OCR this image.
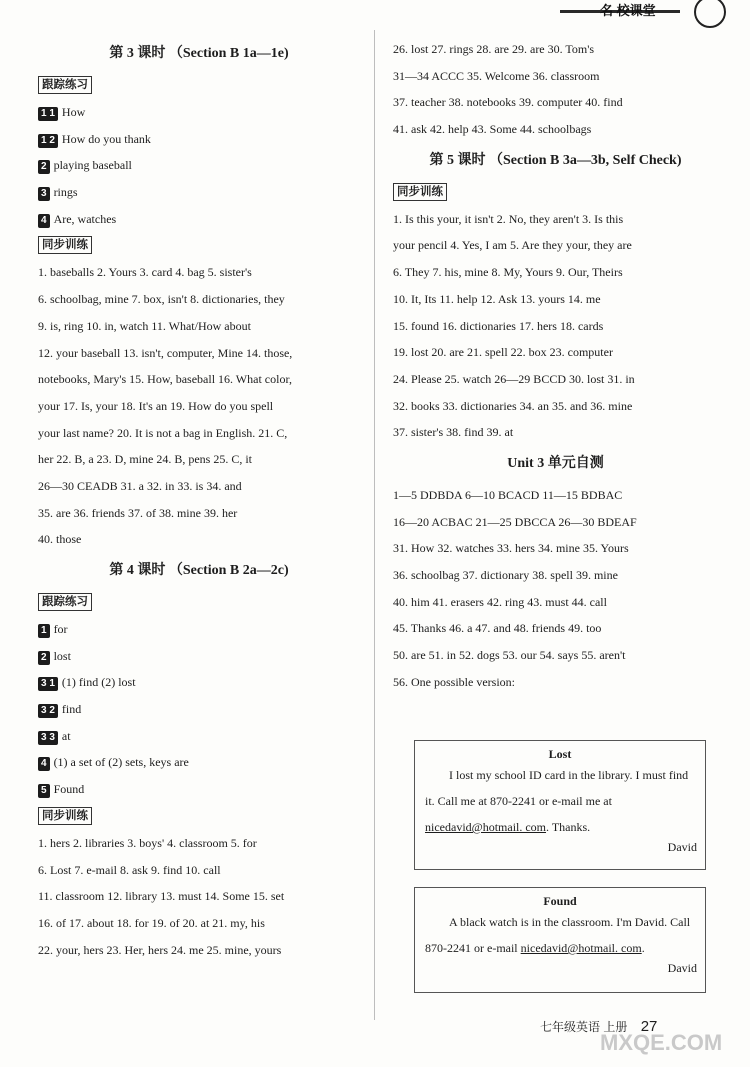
名 校课堂
第 3 课时 （Section B 1a—1e)
跟踪练习
1 1 How
1 2 How do you thank
2 playing baseball
3 rings
4 Are, watches
同步训练
1. baseballs 2. Yours 3. card 4. bag 5. sister's
6. schoolbag, mine 7. box, isn't 8. dictionaries, they
9. is, ring 10. in, watch 11. What/How about
12. your baseball 13. isn't, computer, Mine 14. those,
notebooks, Mary's 15. How, baseball 16. What color,
your 17. Is, your 18. It's an 19. How do you spell
your last name? 20. It is not a bag in English. 21. C,
her 22. B, a 23. D, mine 24. B, pens 25. C, it
26—30 CEADB 31. a 32. in 33. is 34. and
35. are 36. friends 37. of 38. mine 39. her
40. those
第 4 课时 （Section B 2a—2c)
跟踪练习
1 for
2 lost
3 1 (1) find (2) lost
3 2 find
3 3 at
4 (1) a set of (2) sets, keys are
5 Found
同步训练
1. hers 2. libraries 3. boys' 4. classroom 5. for
6. Lost 7. e-mail 8. ask 9. find 10. call
11. classroom 12. library 13. must 14. Some 15. set
16. of 17. about 18. for 19. of 20. at 21. my, his
22. your, hers 23. Her, hers 24. me 25. mine, yours
26. lost 27. rings 28. are 29. are 30. Tom's
31—34 ACCC 35. Welcome 36. classroom
37. teacher 38. notebooks 39. computer 40. find
41. ask 42. help 43. Some 44. schoolbags
第 5 课时 （Section B 3a—3b, Self Check)
同步训练
1. Is this your, it isn't 2. No, they aren't 3. Is this
your pencil 4. Yes, I am 5. Are they your, they are
6. They 7. his, mine 8. My, Yours 9. Our, Theirs
10. It, Its 11. help 12. Ask 13. yours 14. me
15. found 16. dictionaries 17. hers 18. cards
19. lost 20. are 21. spell 22. box 23. computer
24. Please 25. watch 26—29 BCCD 30. lost 31. in
32. books 33. dictionaries 34. an 35. and 36. mine
37. sister's 38. find 39. at
Unit 3 单元自测
1—5 DDBDA 6—10 BCACD 11—15 BDBAC
16—20 ACBAC 21—25 DBCCA 26—30 BDEAF
31. How 32. watches 33. hers 34. mine 35. Yours
36. schoolbag 37. dictionary 38. spell 39. mine
40. him 41. erasers 42. ring 43. must 44. call
45. Thanks 46. a 47. and 48. friends 49. too
50. are 51. in 52. dogs 53. our 54. says 55. aren't
56. One possible version:
Lost
I lost my school ID card in the library. I must find it. Call me at 870-2241 or e-mail me at nicedavid@hotmail. com. Thanks.
David
Found
A black watch is in the classroom. I'm David. Call 870-2241 or e-mail nicedavid@hotmail. com.
David
七年级英语 上册 27
MXQE.COM
